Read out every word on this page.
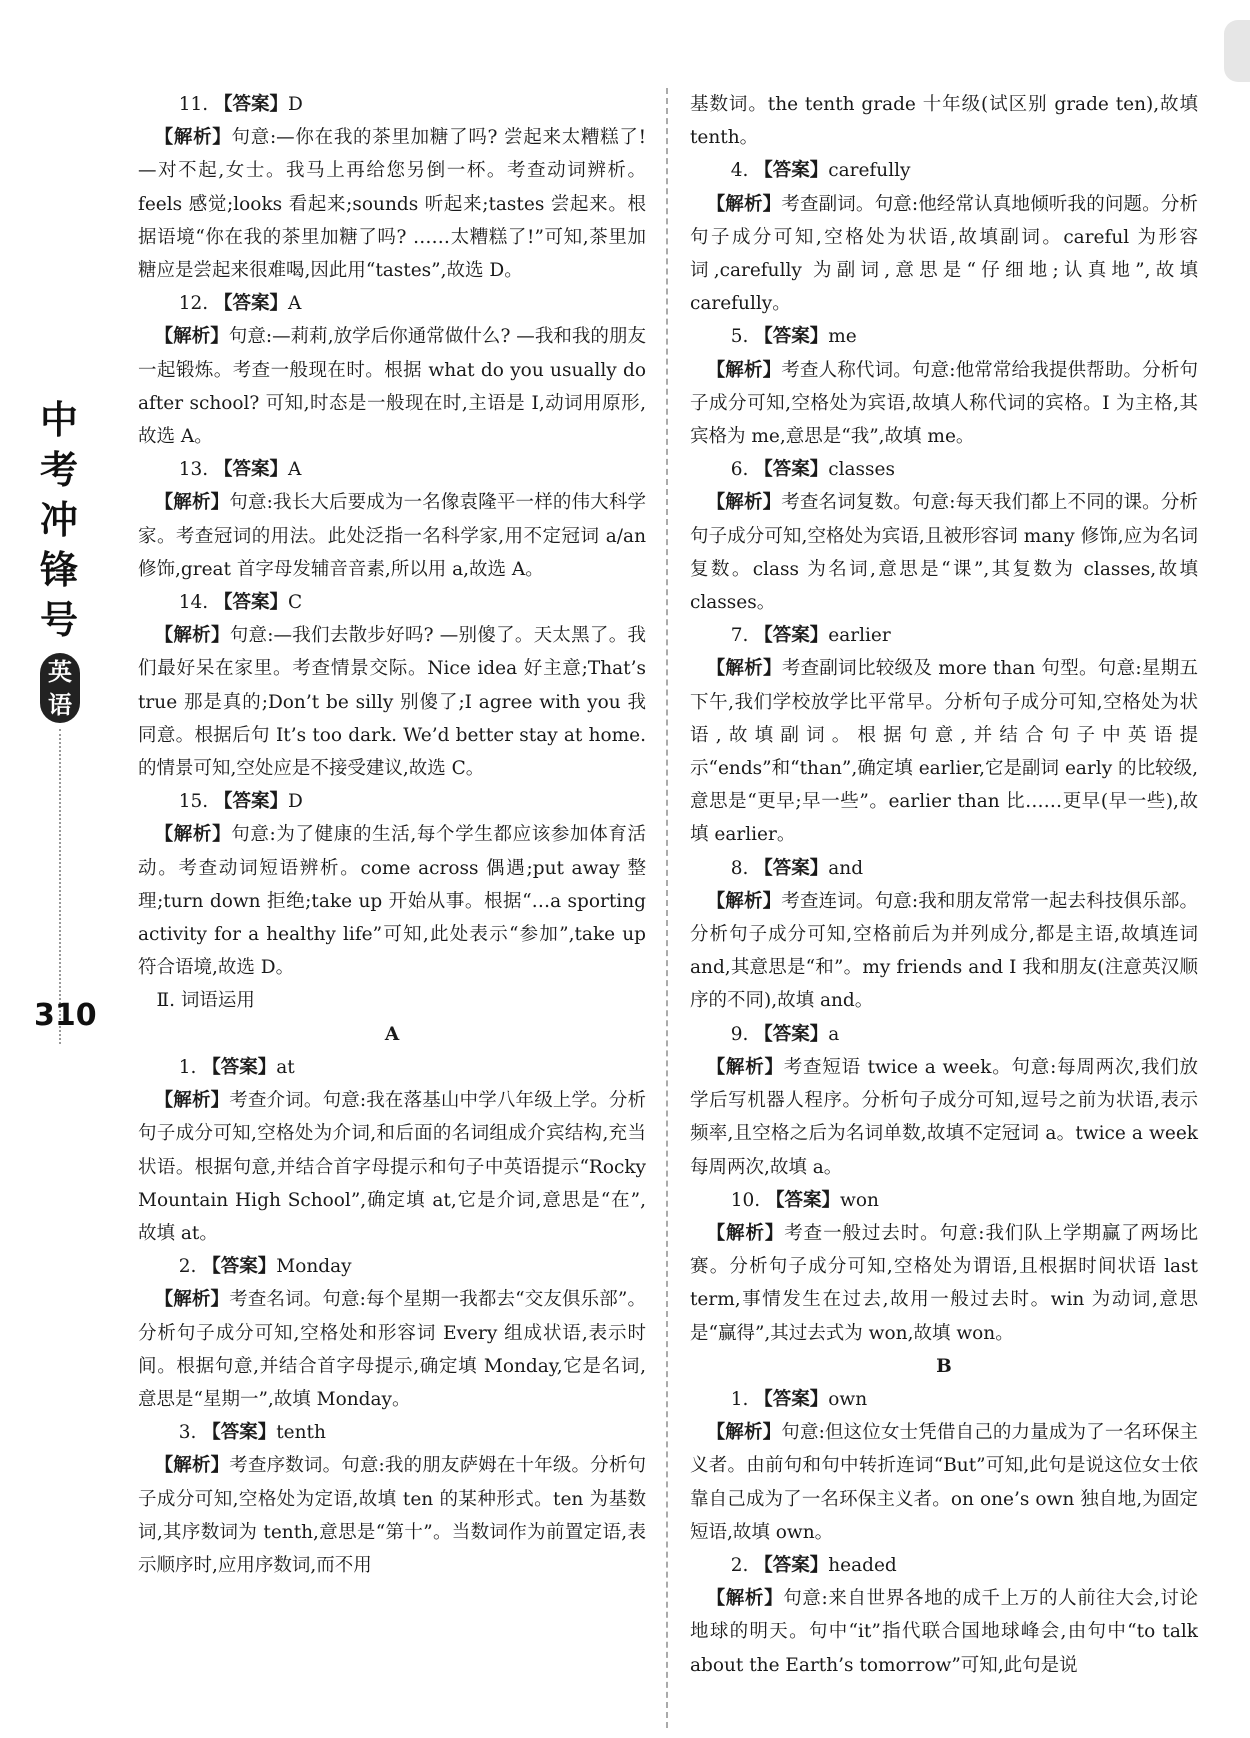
中考冲锋号
英语
310

11. 【答案】D

【解析】句意:—你在我的茶里加糖了吗? 尝起来太糟糕了! —对不起,女士。我马上再给您另倒一杯。考查动词辨析。feels 感觉;looks 看起来;sounds 听起来;tastes 尝起来。根据语境“你在我的茶里加糖了吗? ……太糟糕了!”可知,茶里加糖应是尝起来很难喝,因此用“tastes”,故选 D。

12. 【答案】A

【解析】句意:—莉莉,放学后你通常做什么? —我和我的朋友一起锻炼。考查一般现在时。根据 what do you usually do after school? 可知,时态是一般现在时,主语是 I,动词用原形,故选 A。

13. 【答案】A

【解析】句意:我长大后要成为一名像袁隆平一样的伟大科学家。考查冠词的用法。此处泛指一名科学家,用不定冠词 a/an 修饰,great 首字母发辅音音素,所以用 a,故选 A。

14. 【答案】C

【解析】句意:—我们去散步好吗? —别傻了。天太黑了。我们最好呆在家里。考查情景交际。Nice idea 好主意;That’s true 那是真的;Don’t be silly 别傻了;I agree with you 我同意。根据后句 It’s too dark. We’d better stay at home. 的情景可知,空处应是不接受建议,故选 C。

15. 【答案】D

【解析】句意:为了健康的生活,每个学生都应该参加体育活动。考查动词短语辨析。come across 偶遇;put away 整理;turn down 拒绝;take up 开始从事。根据“…a sporting activity for a healthy life”可知,此处表示“参加”,take up 符合语境,故选 D。

Ⅱ. 词语运用

A

1. 【答案】at

【解析】考查介词。句意:我在落基山中学八年级上学。分析句子成分可知,空格处为介词,和后面的名词组成介宾结构,充当状语。根据句意,并结合首字母提示和句子中英语提示“Rocky Mountain High School”,确定填 at,它是介词,意思是“在”,故填 at。

2. 【答案】Monday

【解析】考查名词。句意:每个星期一我都去“交友俱乐部”。分析句子成分可知,空格处和形容词 Every 组成状语,表示时间。根据句意,并结合首字母提示,确定填 Monday,它是名词,意思是“星期一”,故填 Monday。

3. 【答案】tenth

【解析】考查序数词。句意:我的朋友萨姆在十年级。分析句子成分可知,空格处为定语,故填 ten 的某种形式。ten 为基数词,其序数词为 tenth,意思是“第十”。当数词作为前置定语,表示顺序时,应用序数词,而不用

基数词。the tenth grade 十年级(试区别 grade ten),故填 tenth。

4. 【答案】carefully

【解析】考查副词。句意:他经常认真地倾听我的问题。分析句子成分可知,空格处为状语,故填副词。careful 为形容词,carefully 为副词,意思是“仔细地;认真地”,故填 carefully。

5. 【答案】me

【解析】考查人称代词。句意:他常常给我提供帮助。分析句子成分可知,空格处为宾语,故填人称代词的宾格。I 为主格,其宾格为 me,意思是“我”,故填 me。

6. 【答案】classes

【解析】考查名词复数。句意:每天我们都上不同的课。分析句子成分可知,空格处为宾语,且被形容词 many 修饰,应为名词复数。class 为名词,意思是“课”,其复数为 classes,故填 classes。

7. 【答案】earlier

【解析】考查副词比较级及 more than 句型。句意:星期五下午,我们学校放学比平常早。分析句子成分可知,空格处为状语,故填副词。根据句意,并结合句子中英语提示“ends”和“than”,确定填 earlier,它是副词 early 的比较级,意思是“更早;早一些”。earlier than 比……更早(早一些),故填 earlier。

8. 【答案】and

【解析】考查连词。句意:我和朋友常常一起去科技俱乐部。分析句子成分可知,空格前后为并列成分,都是主语,故填连词 and,其意思是“和”。my friends and I 我和朋友(注意英汉顺序的不同),故填 and。

9. 【答案】a

【解析】考查短语 twice a week。句意:每周两次,我们放学后写机器人程序。分析句子成分可知,逗号之前为状语,表示频率,且空格之后为名词单数,故填不定冠词 a。twice a week 每周两次,故填 a。

10. 【答案】won

【解析】考查一般过去时。句意:我们队上学期赢了两场比赛。分析句子成分可知,空格处为谓语,且根据时间状语 last term,事情发生在过去,故用一般过去时。win 为动词,意思是“赢得”,其过去式为 won,故填 won。

B

1. 【答案】own

【解析】句意:但这位女士凭借自己的力量成为了一名环保主义者。由前句和句中转折连词“But”可知,此句是说这位女士依靠自己成为了一名环保主义者。on one’s own 独自地,为固定短语,故填 own。

2. 【答案】headed

【解析】句意:来自世界各地的成千上万的人前往大会,讨论地球的明天。句中“it”指代联合国地球峰会,由句中“to talk about the Earth’s tomorrow”可知,此句是说
